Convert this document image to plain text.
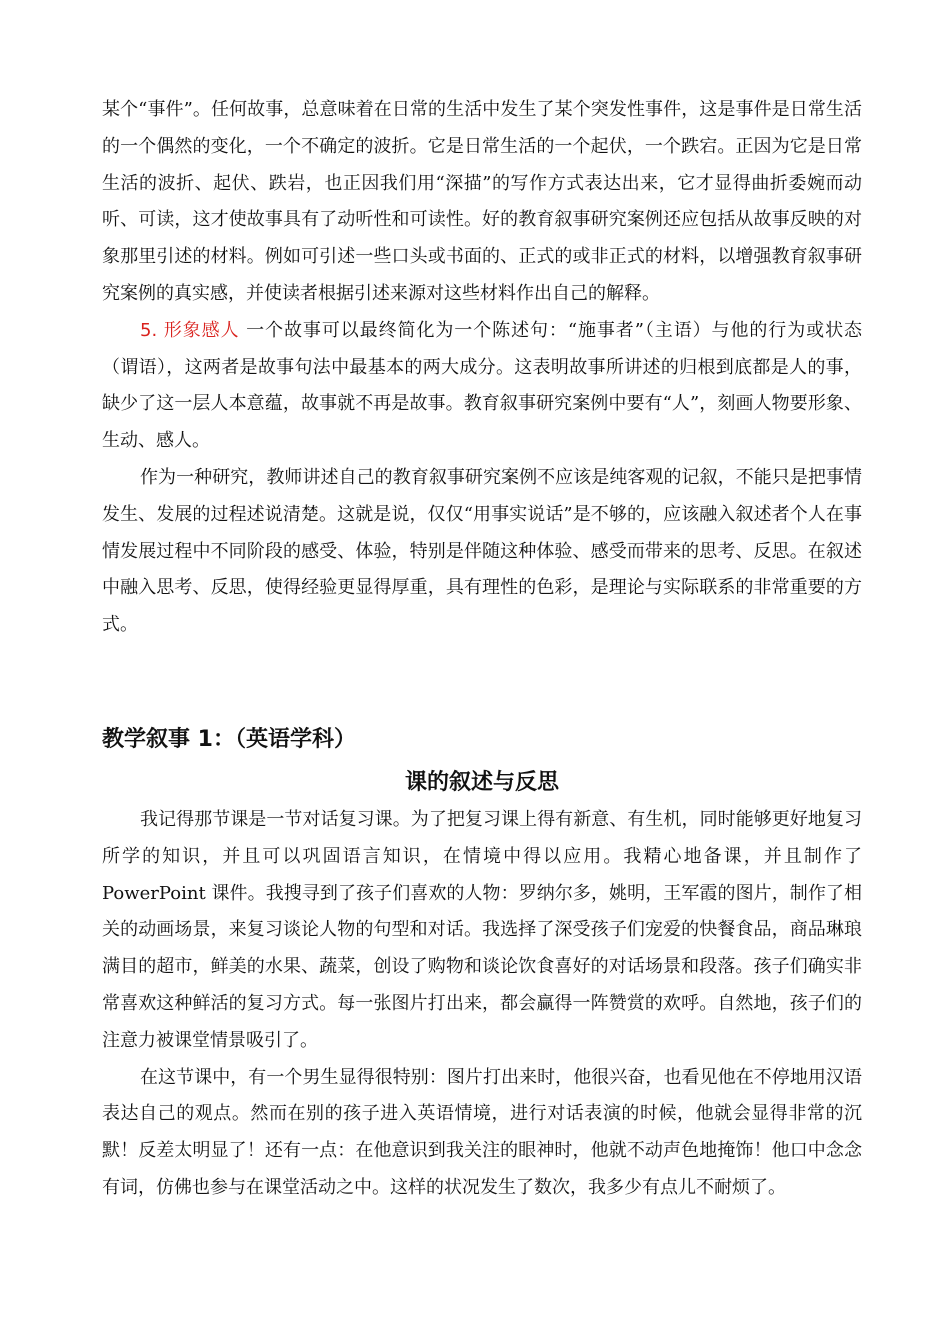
某个“事件”。任何故事，总意味着在日常的生活中发生了某个突发性事件，这是事件是日常生活的一个偶然的变化，一个不确定的波折。它是日常生活的一个起伏，一个跌宕。正因为它是日常生活的波折、起伏、跌岩，也正因我们用“深描”的写作方式表达出来，它才显得曲折委婉而动听、可读，这才使故事具有了动听性和可读性。好的教育叙事研究案例还应包括从故事反映的对象那里引述的材料。例如可引述一些口头或书面的、正式的或非正式的材料，以增强教育叙事研究案例的真实感，并使读者根据引述来源对这些材料作出自己的解释。

5. 形象感人 一个故事可以最终简化为一个陈述句：“施事者”（主语）与他的行为或状态（谓语），这两者是故事句法中最基本的两大成分。这表明故事所讲述的归根到底都是人的事，缺少了这一层人本意蕴，故事就不再是故事。教育叙事研究案例中要有“人”，刻画人物要形象、生动、感人。

作为一种研究，教师讲述自己的教育叙事研究案例不应该是纯客观的记叙，不能只是把事情发生、发展的过程述说清楚。这就是说，仅仅“用事实说话”是不够的，应该融入叙述者个人在事情发展过程中不同阶段的感受、体验，特别是伴随这种体验、感受而带来的思考、反思。在叙述中融入思考、反思，使得经验更显得厚重，具有理性的色彩，是理论与实际联系的非常重要的方式。

教学叙事 1：（英语学科）
课的叙述与反思

我记得那节课是一节对话复习课。为了把复习课上得有新意、有生机，同时能够更好地复习所学的知识，并且可以巩固语言知识，在情境中得以应用。我精心地备课，并且制作了 PowerPoint 课件。我搜寻到了孩子们喜欢的人物：罗纳尔多，姚明，王军霞的图片，制作了相关的动画场景，来复习谈论人物的句型和对话。我选择了深受孩子们宠爱的快餐食品，商品琳琅满目的超市，鲜美的水果、蔬菜，创设了购物和谈论饮食喜好的对话场景和段落。孩子们确实非常喜欢这种鲜活的复习方式。每一张图片打出来，都会赢得一阵赞赏的欢呼。自然地，孩子们的注意力被课堂情景吸引了。

在这节课中，有一个男生显得很特别：图片打出来时，他很兴奋，也看见他在不停地用汉语表达自己的观点。然而在别的孩子进入英语情境，进行对话表演的时候，他就会显得非常的沉默！反差太明显了！还有一点：在他意识到我关注的眼神时，他就不动声色地掩饰！他口中念念有词，仿佛也参与在课堂活动之中。这样的状况发生了数次，我多少有点儿不耐烦了。
